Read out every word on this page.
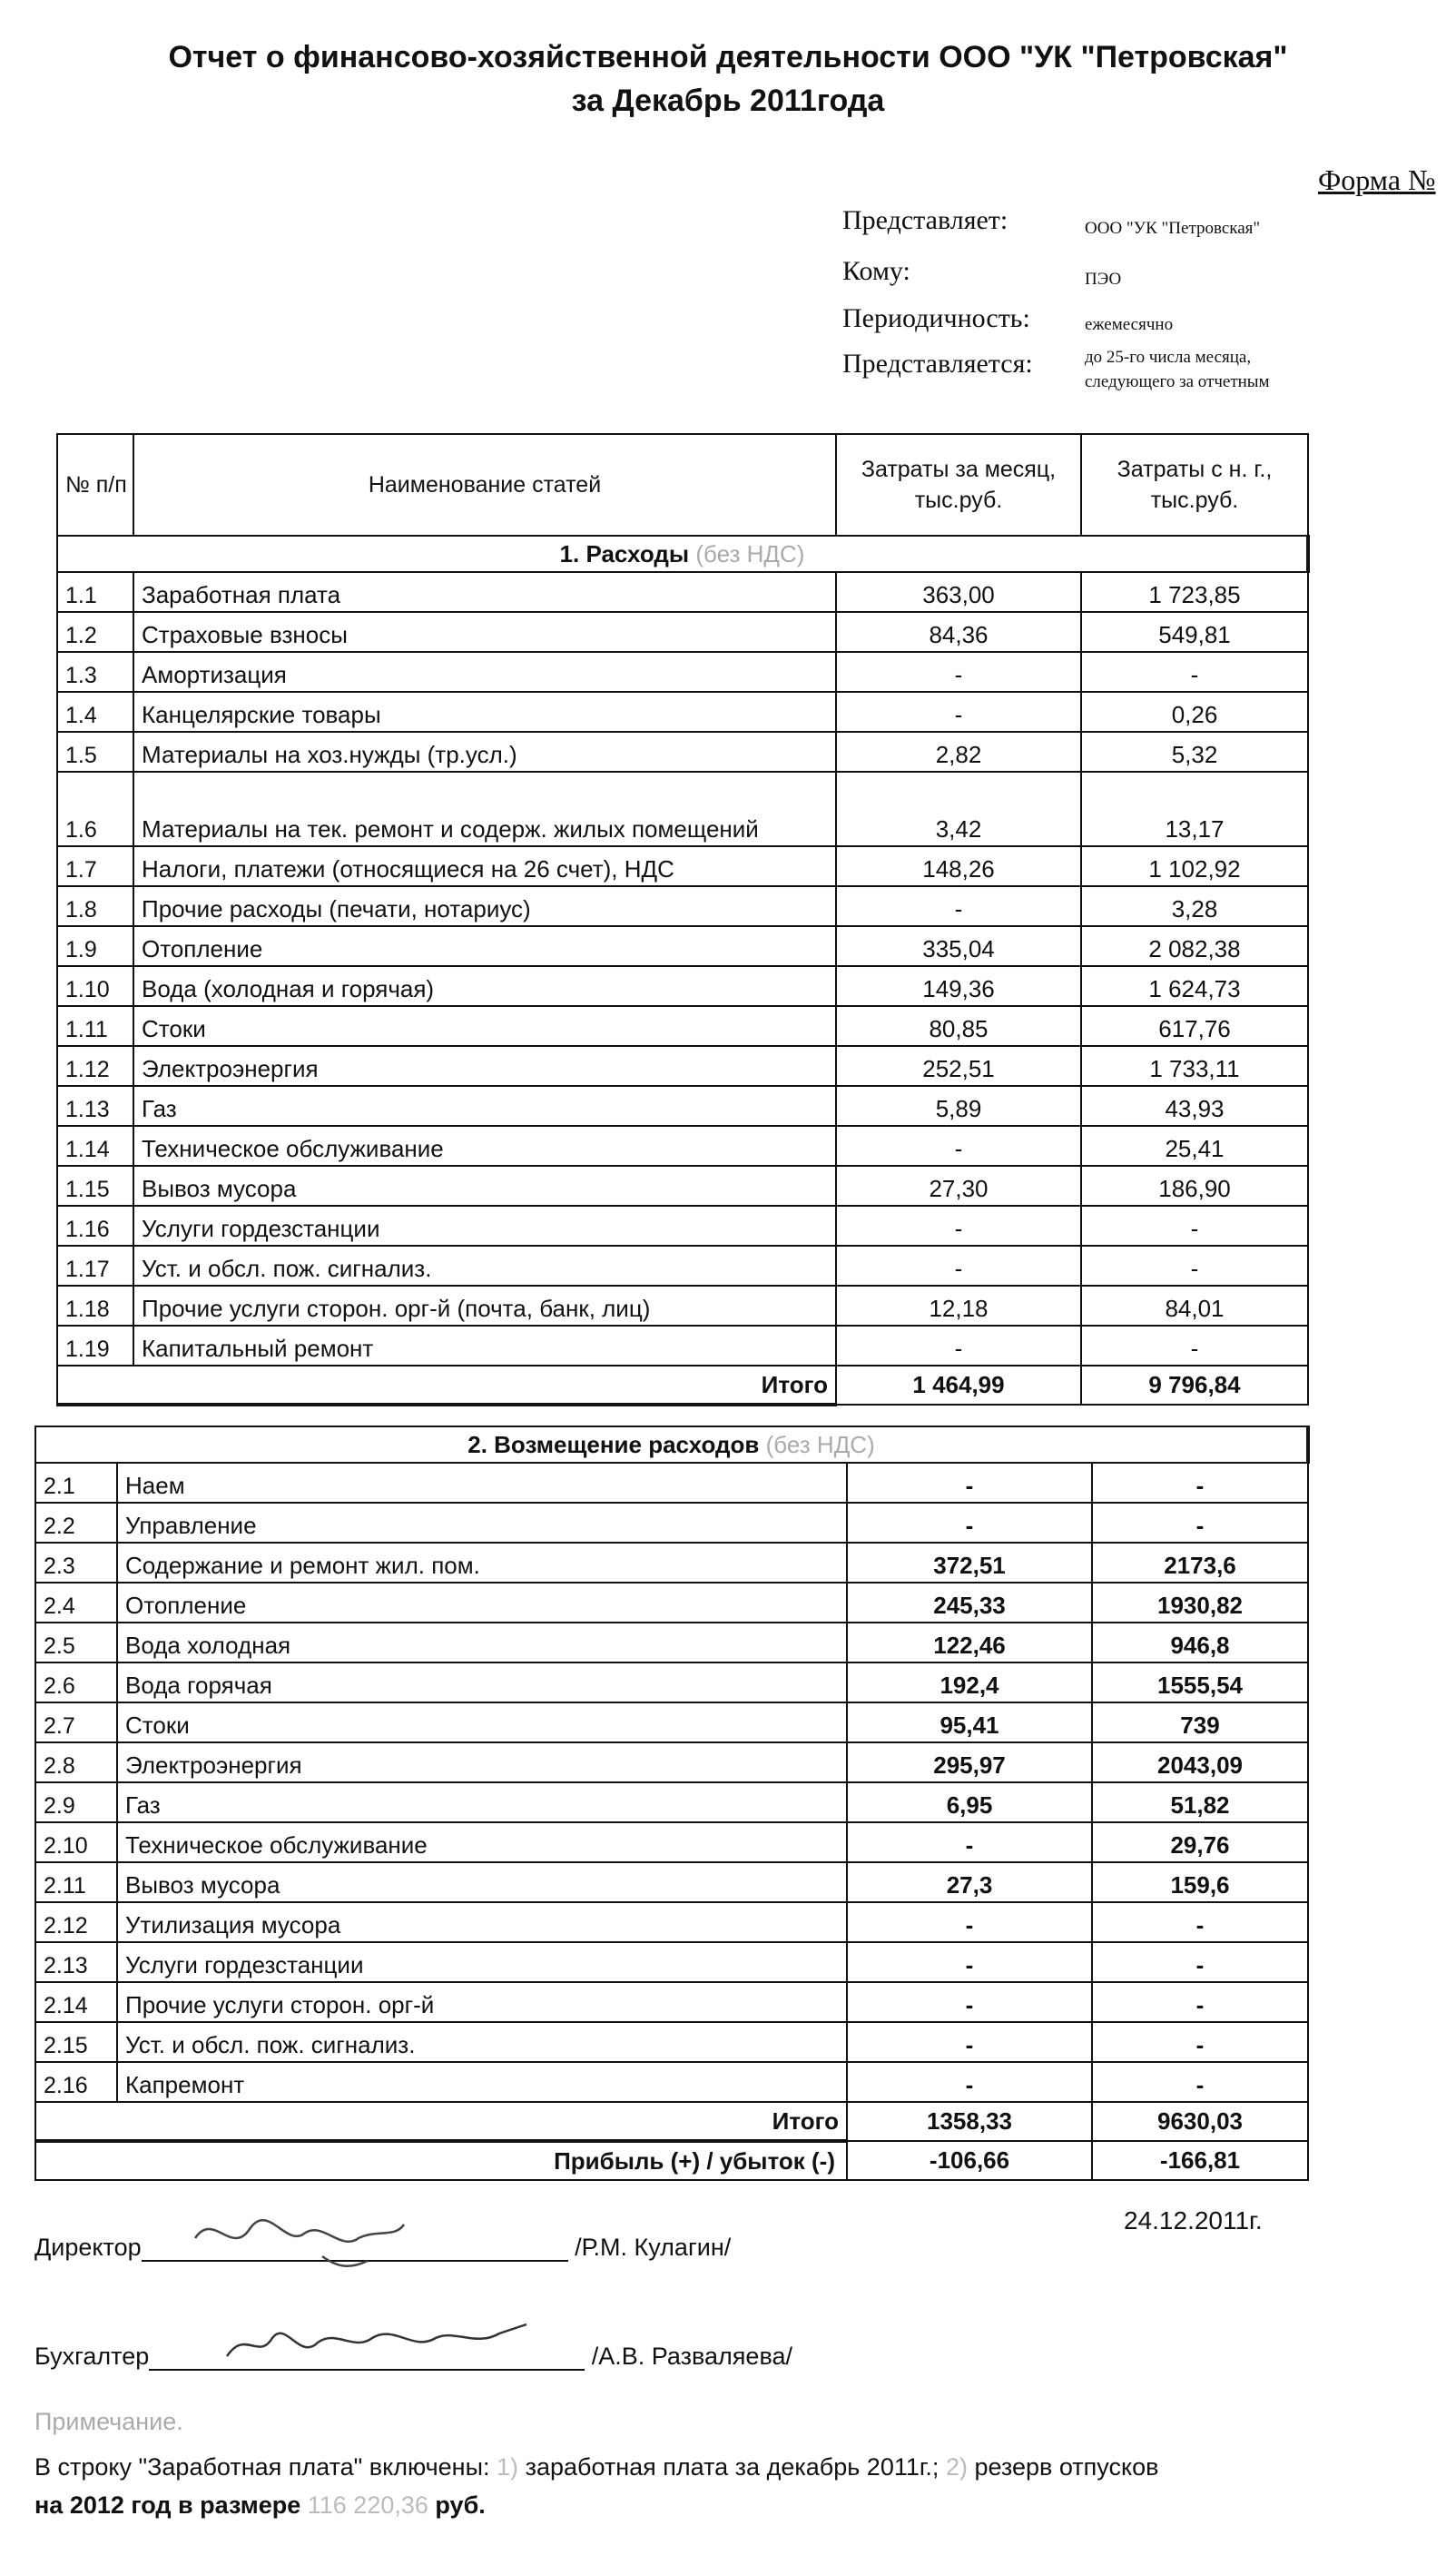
Отчет о финансово-хозяйственной деятельности ООО "УК "Петровская"
за Декабрь 2011года
Форма №
Представляет:	ООО "УК "Петровская"
Кому:	ПЭО
Периодичность:	ежемесячно
Представляется:	до 25-го числа месяца, следующего за отчетным
№ п/п	Наименование статей	Затраты за месяц, тыс.руб.	Затраты с н. г., тыс.руб.
1. Расходы (без НДС)			
1.1	Заработная плата	363,00	1 723,85
1.2	Страховые взносы	84,36	549,81
1.3	Амортизация	-	-
1.4	Канцелярские товары	-	0,26
1.5	Материалы на хоз.нужды (тр.усл.)	2,82	5,32
1.6	Материалы на тек. ремонт и содерж. жилых помещений	3,42	13,17
1.7	Налоги, платежи (относящиеся на 26 счет), НДС	148,26	1 102,92
1.8	Прочие расходы (печати, нотариус)	-	3,28
1.9	Отопление	335,04	2 082,38
1.10	Вода (холодная и горячая)	149,36	1 624,73
1.11	Стоки	80,85	617,76
1.12	Электроэнергия	252,51	1 733,11
1.13	Газ	5,89	43,93
1.14	Техническое обслуживание	-	25,41
1.15	Вывоз мусора	27,30	186,90
1.16	Услуги гордезстанции	-	-
1.17	Уст. и обсл. пож. сигнализ.	-	-
1.18	Прочие услуги сторон. орг-й (почта, банк, лиц)	12,18	84,01
1.19	Капитальный ремонт	-	-
Итого		1 464,99	9 796,84
2. Возмещение расходов (без НДС)			
2.1	Наем	-	-
2.2	Управление	-	-
2.3	Содержание и ремонт жил. пом.	372,51	2173,6
2.4	Отопление	245,33	1930,82
2.5	Вода холодная	122,46	946,8
2.6	Вода горячая	192,4	1555,54
2.7	Стоки	95,41	739
2.8	Электроэнергия	295,97	2043,09
2.9	Газ	6,95	51,82
2.10	Техническое обслуживание	-	29,76
2.11	Вывоз мусора	27,3	159,6
2.12	Утилизация мусора	-	-
2.13	Услуги гордезстанции	-	-
2.14	Прочие услуги сторон. орг-й	-	-
2.15	Уст. и обсл. пож. сигнализ.	-	-
2.16	Капремонт	-	-
Итого		1358,33	9630,03
Прибыль (+) / убыток (-)		-106,66	-166,81
24.12.2011г.
Директор	/Р.М. Кулагин/
Бухгалтер	/А.В. Разваляева/
Примечание.
В строку "Заработная плата" включены: 1) заработная плата за декабрь 2011г.; 2) резерв отпусков
на 2012 год в размере 116 220,36 руб.
